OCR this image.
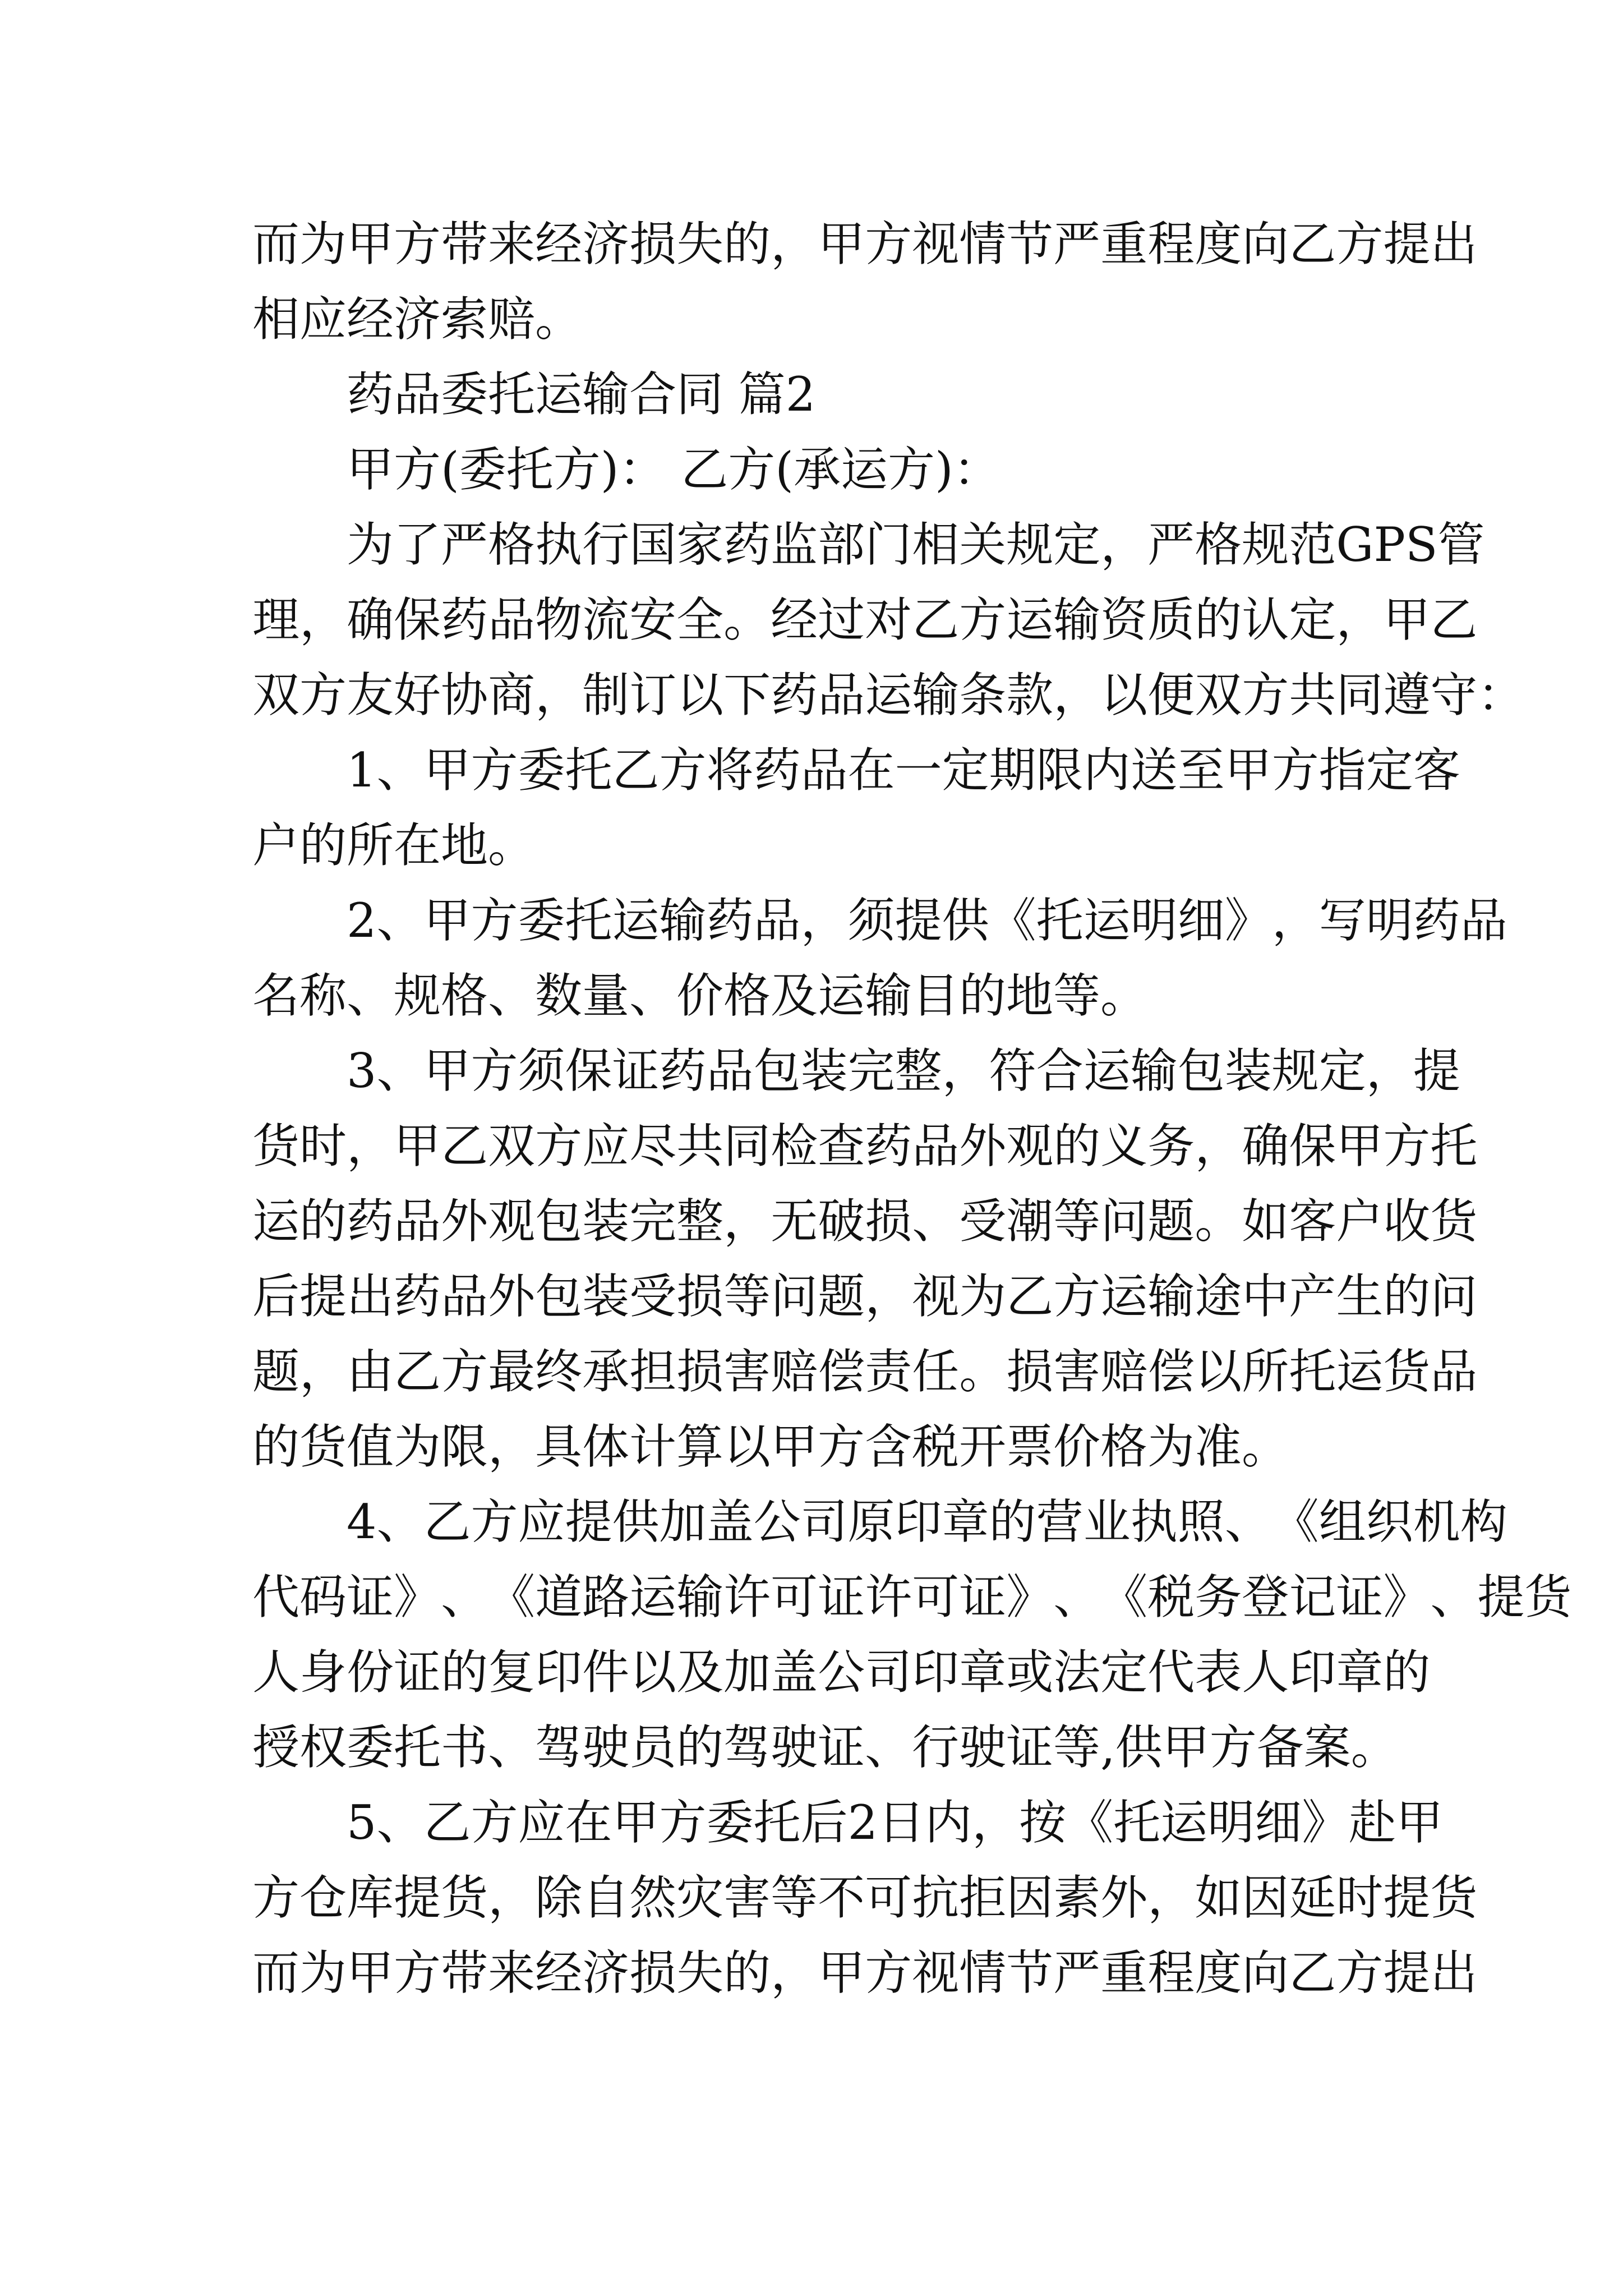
而 为 甲 方 带 来 经 济 损 失 的 ， 甲 方 视 情 节 严 重 程 度 向 乙 方 提 出
相应经济索赔。
药品委托运输合同 篇2
甲方(委托方)： 乙方(承运方)：
为 了 严 格 执 行 国 家 药 监 部 门 相 关 规 定 ， 严 格 规 范 G P S 管
理 ， 确 保 药 品 物 流 安 全 。 经 过 对 乙 方 运 输 资 质 的 认 定 ， 甲 乙
双 方 友 好 协 商 ， 制 订 以 下 药 品 运 输 条 款 ， 以 便 双 方 共 同 遵 守 ：
1 、 甲 方 委 托 乙 方 将 药 品 在 一 定 期 限 内 送 至 甲 方 指 定 客
户的所在地。
2 、 甲 方 委 托 运 输 药 品 ， 须 提 供 《 托 运 明 细 》 ， 写 明 药 品
名称、规格、数量、价格及运输目的地等。
3 、 甲 方 须 保 证 药 品 包 装 完 整 ， 符 合 运 输 包 装 规 定 ， 提
货 时 ， 甲 乙 双 方 应 尽 共 同 检 查 药 品 外 观 的 义 务 ， 确 保 甲 方 托
运 的 药 品 外 观 包 装 完 整 ， 无 破 损 、 受 潮 等 问 题 。 如 客 户 收 货
后 提 出 药 品 外 包 装 受 损 等 问 题 ， 视 为 乙 方 运 输 途 中 产 生 的 问
题 ， 由 乙 方 最 终 承 担 损 害 赔 偿 责 任 。 损 害 赔 偿 以 所 托 运 货 品
的货值为限，具体计算以甲方含税开票价格为准。
4 、 乙 方 应 提 供 加 盖 公 司 原 印 章 的 营 业 执 照 、 《 组 织 机 构
代 码 证 》 、 《 道 路 运 输 许 可 证 许 可 证 》 、 《 税 务 登 记 证 》 、 提 货
人 身 份 证 的 复 印 件 以 及 加 盖 公 司 印 章 或 法 定 代 表 人 印 章 的
授权委托书、驾驶员的驾驶证、行驶证等,供甲方备案。
5 、 乙 方 应 在 甲 方 委 托 后 2 日 内 ， 按 《 托 运 明 细 》 赴 甲
方 仓 库 提 货 ， 除 自 然 灾 害 等 不 可 抗 拒 因 素 外 ， 如 因 延 时 提 货
而 为 甲 方 带 来 经 济 损 失 的 ， 甲 方 视 情 节 严 重 程 度 向 乙 方 提 出
